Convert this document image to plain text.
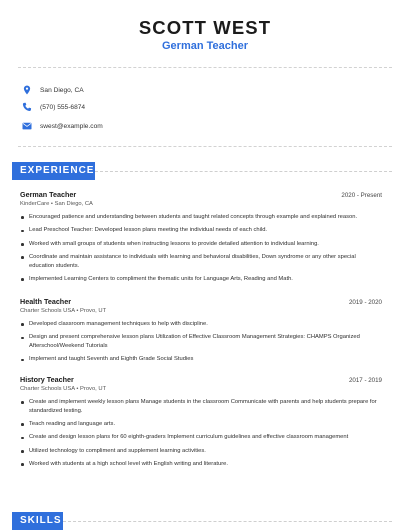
SCOTT WEST
German Teacher
San Diego, CA
(570) 555-6874
swest@example.com
EXPERIENCE
German Teacher	2020 - Present
KinderCare • San Diego, CA
Encouraged patience and understanding between students and taught related concepts through example and explained reason.
Lead Preschool Teacher: Developed lesson plans meeting the individual needs of each child.
Worked with small groups of students when instructing lessons to provide detailed attention to individual learning.
Coordinate and maintain assistance to individuals with learning and behavioral disabilities, Down syndrome or any other special education students.
Implemented Learning Centers to compliment the thematic units for Language Arts, Reading and Math.
Health Teacher	2019 - 2020
Charter Schools USA • Provo, UT
Developed classroom management techniques to help with discipline.
Design and present comprehensive lesson plans Utilization of Effective Classroom Management Strategies: CHAMPS Organized Afterschool/Weekend Tutorials
Implement and taught Seventh and Eighth Grade Social Studies
History Teacher	2017 - 2019
Charter Schools USA • Provo, UT
Create and implement weekly lesson plans Manage students in the classroom Communicate with parents and help students prepare for standardized testing.
Teach reading and language arts.
Create and design lesson plans for 60 eighth-graders Implement curriculum guidelines and effective classroom management
Utilized technology to compliment and supplement learning activities.
Worked with students at a high school level with English writing and literature.
SKILLS
